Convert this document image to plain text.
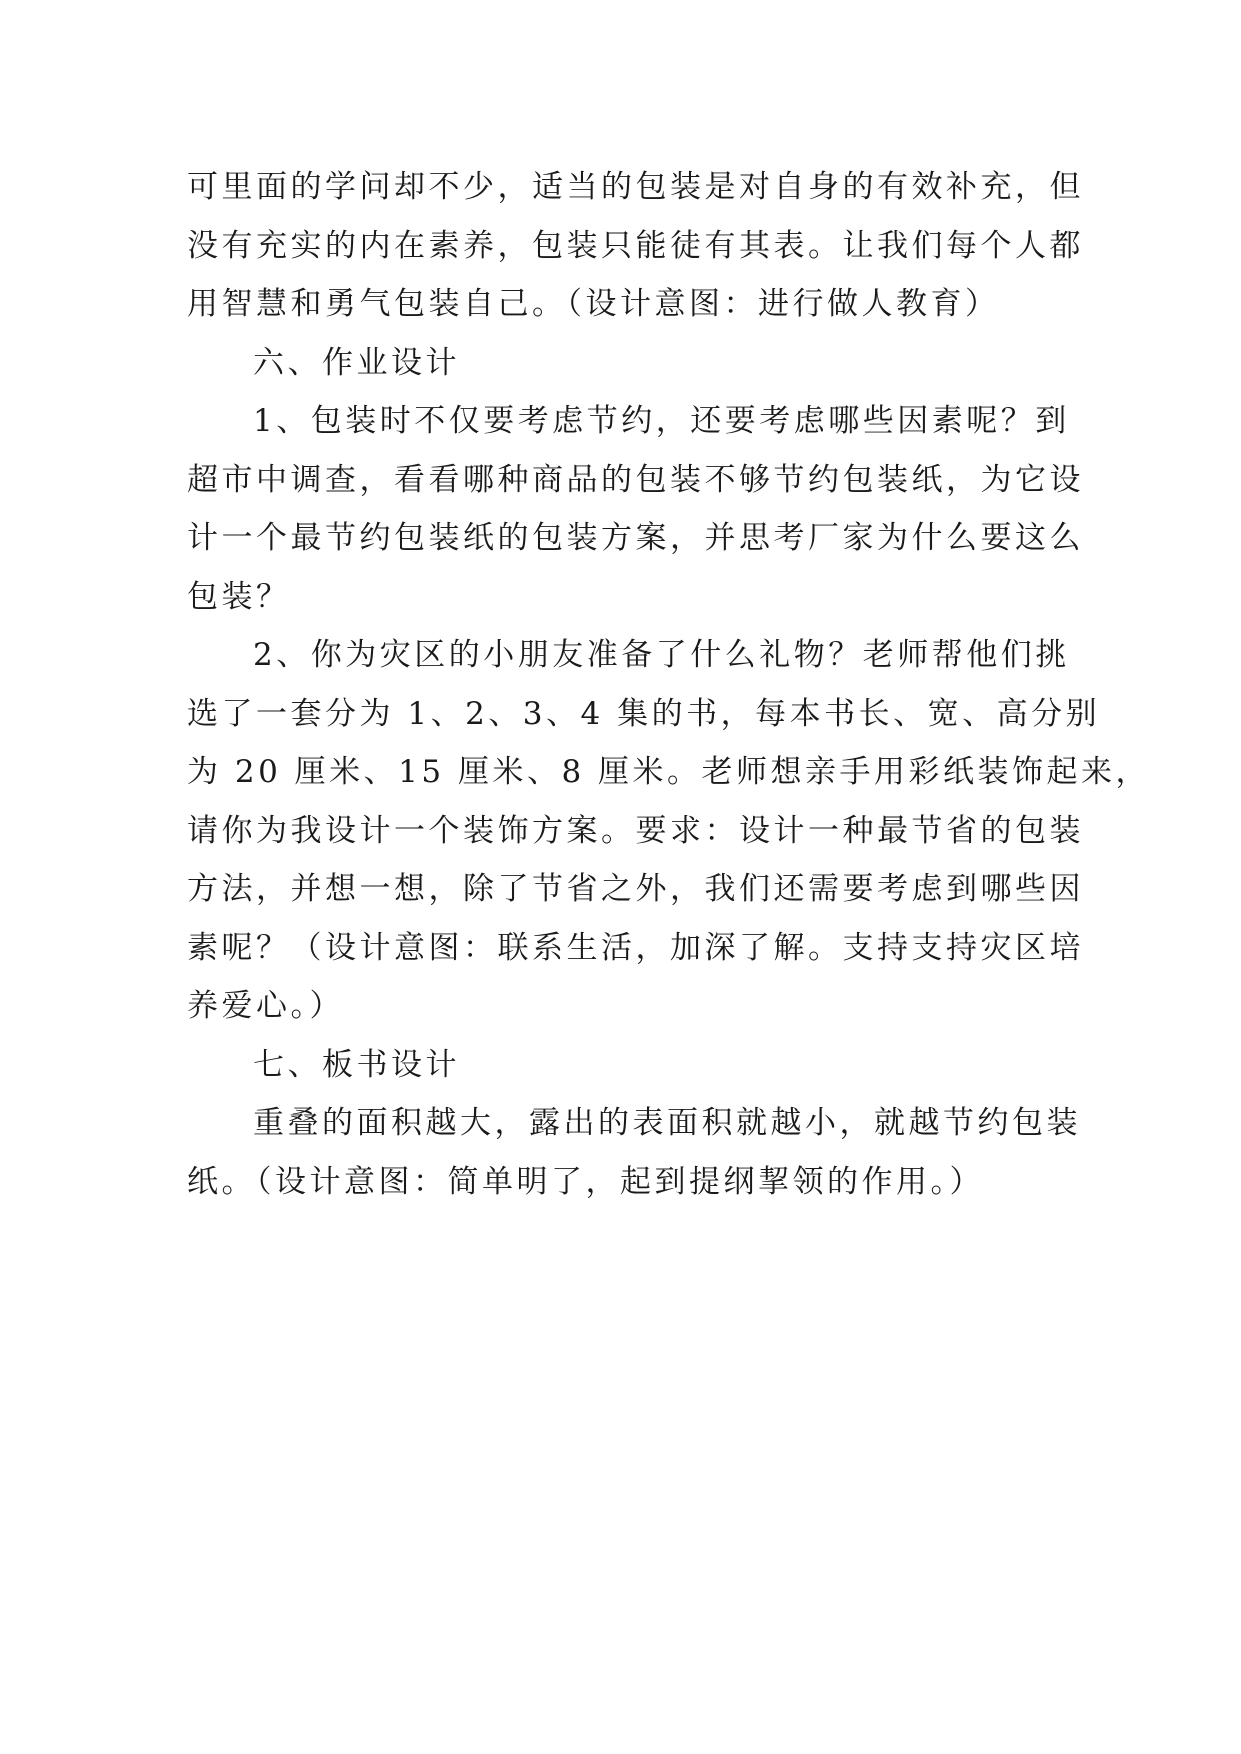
可里面的学问却不少，适当的包装是对自身的有效补充，但
没有充实的内在素养，包装只能徒有其表。让我们每个人都
用智慧和勇气包装自己。（设计意图：进行做人教育）
六、作业设计
1、包装时不仅要考虑节约，还要考虑哪些因素呢？到
超市中调查，看看哪种商品的包装不够节约包装纸，为它设
计一个最节约包装纸的包装方案，并思考厂家为什么要这么
包装？
2、你为灾区的小朋友准备了什么礼物？老师帮他们挑
选了一套分为 1、2、3、4 集的书，每本书长、宽、高分别
为 20 厘米、15 厘米、8 厘米。老师想亲手用彩纸装饰起来，
请你为我设计一个装饰方案。要求：设计一种最节省的包装
方法，并想一想，除了节省之外，我们还需要考虑到哪些因
素呢？（设计意图：联系生活，加深了解。支持支持灾区培
养爱心。）
七、板书设计
重叠的面积越大，露出的表面积就越小，就越节约包装
纸。（设计意图：简单明了，起到提纲挈领的作用。）
